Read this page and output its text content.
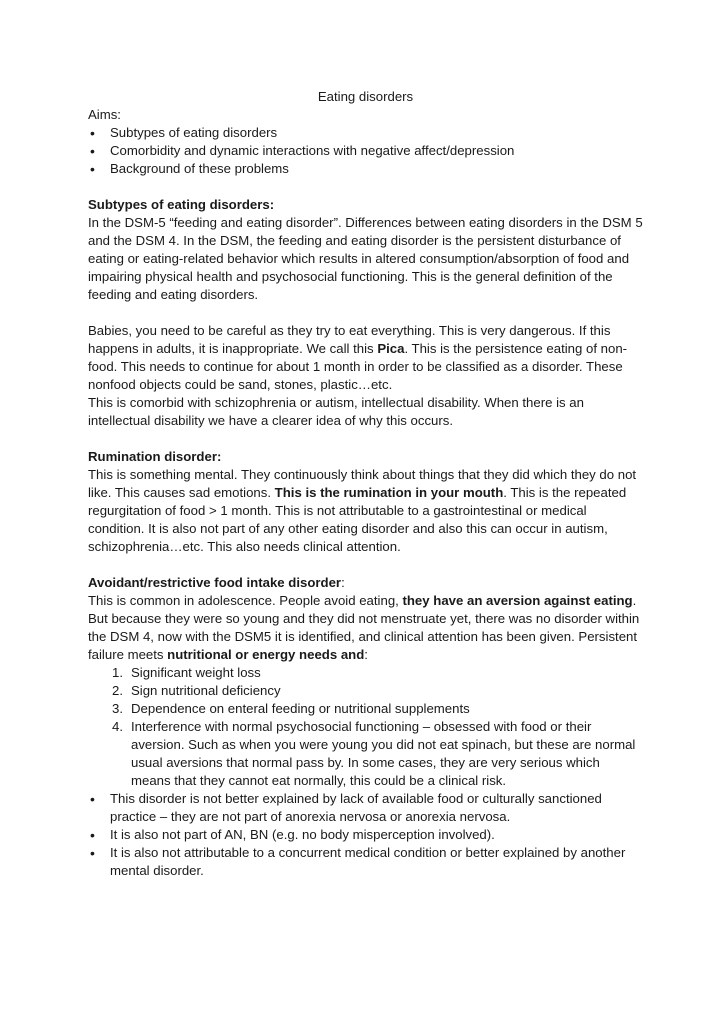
Eating disorders

Aims:

• Subtypes of eating disorders
• Comorbidity and dynamic interactions with negative affect/depression
• Background of these problems

Subtypes of eating disorders:

In the DSM-5 “feeding and eating disorder”. Differences between eating disorders in the DSM 5 and the DSM 4. In the DSM, the feeding and eating disorder is the persistent disturbance of eating or eating-related behavior which results in altered consumption/absorption of food and impairing physical health and psychosocial functioning. This is the general definition of the feeding and eating disorders.

Babies, you need to be careful as they try to eat everything. This is very dangerous. If this happens in adults, it is inappropriate. We call this Pica. This is the persistence eating of non-food. This needs to continue for about 1 month in order to be classified as a disorder. These nonfood objects could be sand, stones, plastic…etc.

This is comorbid with schizophrenia or autism, intellectual disability. When there is an intellectual disability we have a clearer idea of why this occurs.

Rumination disorder:

This is something mental. They continuously think about things that they did which they do not like. This causes sad emotions. This is the rumination in your mouth. This is the repeated regurgitation of food > 1 month. This is not attributable to a gastrointestinal or medical condition. It is also not part of any other eating disorder and also this can occur in autism, schizophrenia…etc. This also needs clinical attention.

Avoidant/restrictive food intake disorder:

This is common in adolescence. People avoid eating, they have an aversion against eating. But because they were so young and they did not menstruate yet, there was no disorder within the DSM 4, now with the DSM5 it is identified, and clinical attention has been given. Persistent failure meets nutritional or energy needs and:

1. Significant weight loss
2. Sign nutritional deficiency
3. Dependence on enteral feeding or nutritional supplements
4. Interference with normal psychosocial functioning – obsessed with food or their aversion. Such as when you were young you did not eat spinach, but these are normal usual aversions that normal pass by. In some cases, they are very serious which means that they cannot eat normally, this could be a clinical risk.
• This disorder is not better explained by lack of available food or culturally sanctioned practice – they are not part of anorexia nervosa or anorexia nervosa.
• It is also not part of AN, BN (e.g. no body misperception involved).
• It is also not attributable to a concurrent medical condition or better explained by another mental disorder.
